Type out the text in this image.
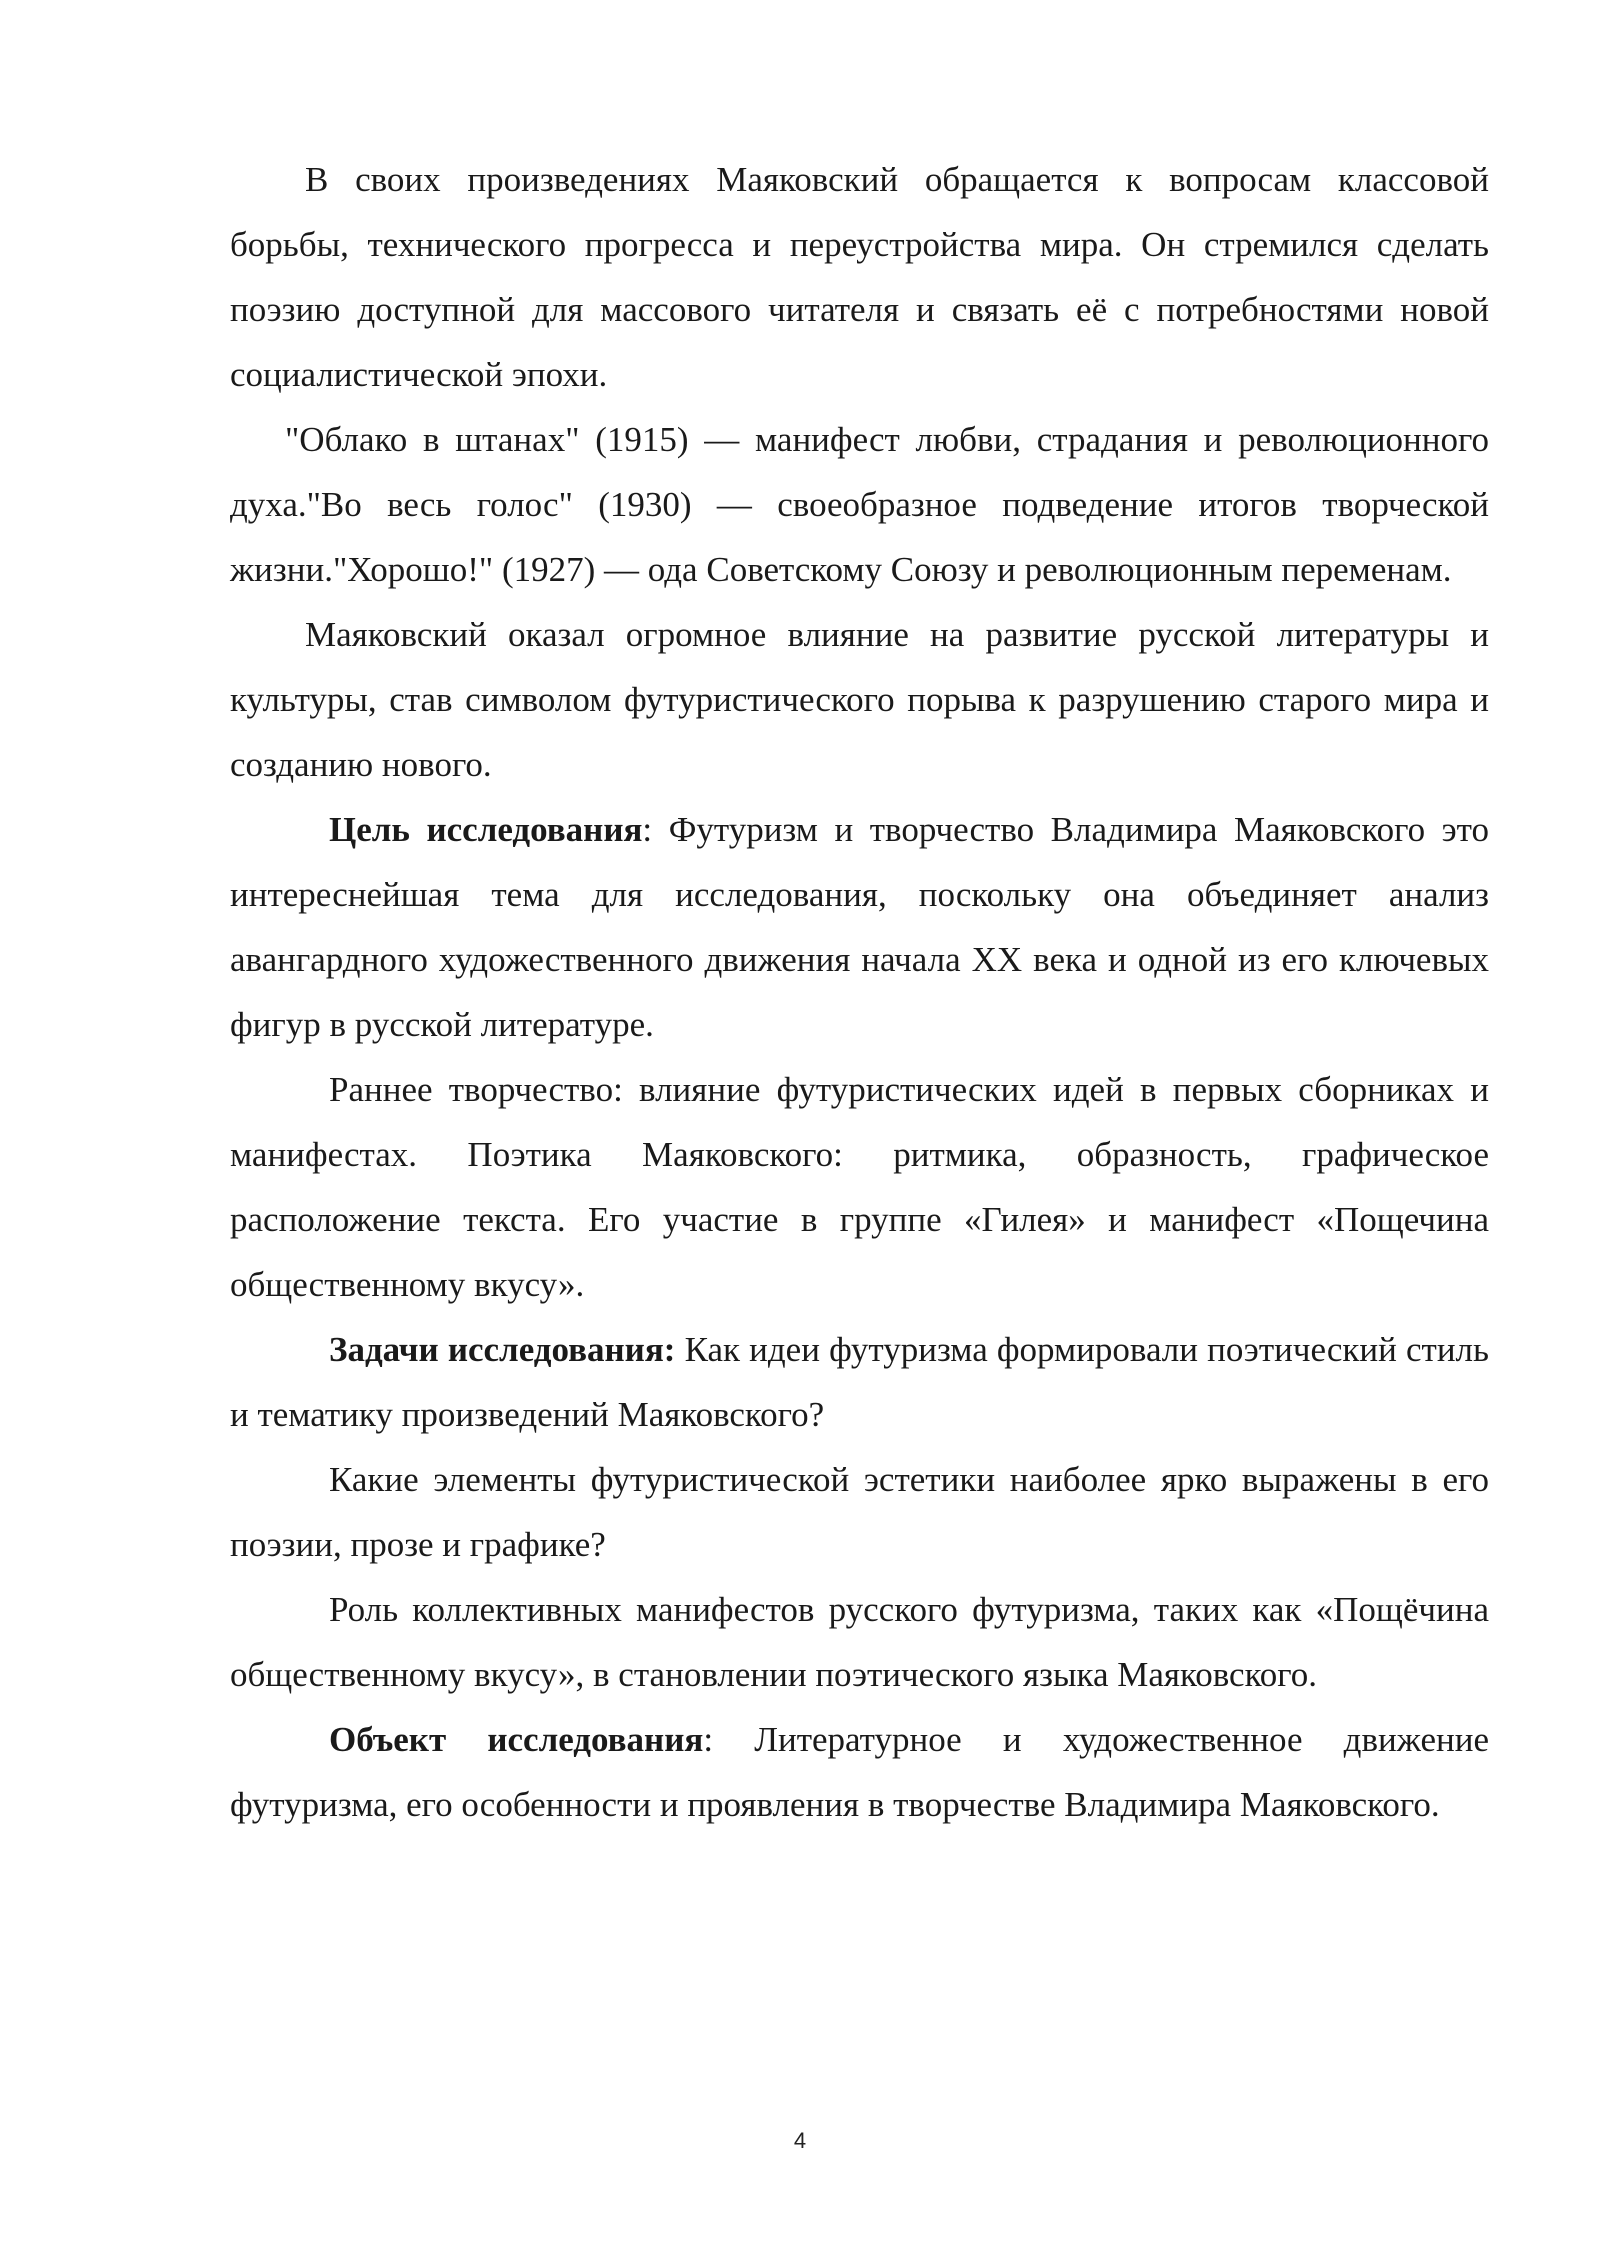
В своих произведениях Маяковский обращается к вопросам классовой борьбы, технического прогресса и переустройства мира. Он стремился сделать поэзию доступной для массового читателя и связать её с потребностями новой социалистической эпохи.

"Облако в штанах" (1915) — манифест любви, страдания и революционного духа."Во весь голос" (1930) — своеобразное подведение итогов творческой жизни."Хорошо!" (1927) — ода Советскому Союзу и революционным переменам.

Маяковский оказал огромное влияние на развитие русской литературы и культуры, став символом футуристического порыва к разрушению старого мира и созданию нового.

Цель исследования: Футуризм и творчество Владимира Маяковского это интереснейшая тема для исследования, поскольку она объединяет анализ авангардного художественного движения начала XX века и одной из его ключевых фигур в русской литературе.

Раннее творчество: влияние футуристических идей в первых сборниках и манифестах. Поэтика Маяковского: ритмика, образность, графическое расположение текста. Его участие в группе «Гилея» и манифест «Пощечина общественному вкусу».

Задачи исследования: Как идеи футуризма формировали поэтический стиль и тематику произведений Маяковского?

Какие элементы футуристической эстетики наиболее ярко выражены в его поэзии, прозе и графике?

Роль коллективных манифестов русского футуризма, таких как «Пощёчина общественному вкусу», в становлении поэтического языка Маяковского.

Объект исследования: Литературное и художественное движение футуризма, его особенности и проявления в творчестве Владимира Маяковского.

4
